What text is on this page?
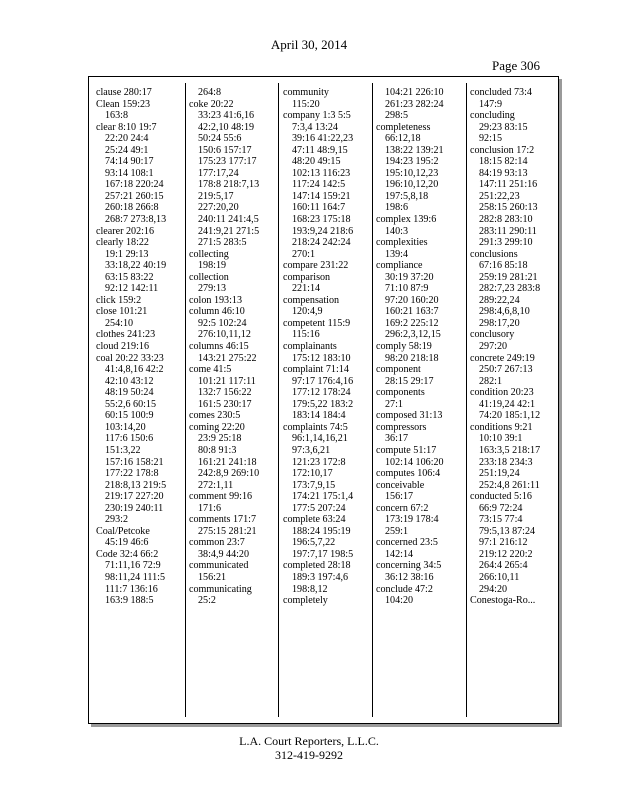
April 30, 2014
Page 306
clause 280:17
Clean 159:23
163:8
clear 8:10 19:7
22:20 24:4
25:24 49:1
74:14 90:17
93:14 108:1
167:18 220:24
257:21 260:15
260:18 266:8
268:7 273:8,13
clearer 202:16
clearly 18:22
19:1 29:13
33:18,22 40:19
63:15 83:22
92:12 142:11
click 159:2
close 101:21
254:10
clothes 241:23
cloud 219:16
coal 20:22 33:23
41:4,8,16 42:2
42:10 43:12
48:19 50:24
55:2,6 60:15
60:15 100:9
103:14,20
117:6 150:6
151:3,22
157:16 158:21
177:22 178:8
218:8,13 219:5
219:17 227:20
230:19 240:11
293:2
Coal/Petcoke
45:19 46:6
Code 32:4 66:2
71:11,16 72:9
98:11,24 111:5
111:7 136:16
163:9 188:5
264:8
coke 20:22
33:23 41:6,16
42:2,10 48:19
50:24 55:6
150:6 157:17
175:23 177:17
177:17,24
178:8 218:7,13
219:5,17
227:20,20
240:11 241:4,5
241:9,21 271:5
271:5 283:5
collecting
198:19
collection
279:13
colon 193:13
column 46:10
92:5 102:24
276:10,11,12
columns 46:15
143:21 275:22
come 41:5
101:21 117:11
132:7 156:22
161:5 230:17
comes 230:5
coming 22:20
23:9 25:18
80:8 91:3
161:21 241:18
242:8,9 269:10
272:1,11
comment 99:16
171:6
comments 171:7
275:15 281:21
common 23:7
38:4,9 44:20
communicated
156:21
communicating
25:2
community
115:20
company 1:3 5:5
7:3,4 13:24
39:16 41:22,23
47:11 48:9,15
48:20 49:15
102:13 116:23
117:24 142:5
147:14 159:21
160:11 164:7
168:23 175:18
193:9,24 218:6
218:24 242:24
270:1
compare 231:22
comparison
221:14
compensation
120:4,9
competent 115:9
115:16
complainants
175:12 183:10
complaint 71:14
97:17 176:4,16
177:12 178:24
179:5,22 183:2
183:14 184:4
complaints 74:5
96:1,14,16,21
97:3,6,21
121:23 172:8
172:10,17
173:7,9,15
174:21 175:1,4
177:5 207:24
complete 63:24
188:24 195:19
196:5,7,22
197:7,17 198:5
completed 28:18
189:3 197:4,6
198:8,12
completely
104:21 226:10
261:23 282:24
298:5
completeness
66:12,18
138:22 139:21
194:23 195:2
195:10,12,23
196:10,12,20
197:5,8,18
198:6
complex 139:6
140:3
complexities
139:4
compliance
30:19 37:20
71:10 87:9
97:20 160:20
160:21 163:7
169:2 225:12
296:2,3,12,15
comply 58:19
98:20 218:18
component
28:15 29:17
components
27:1
composed 31:13
compressors
36:17
compute 51:17
102:14 106:20
computes 106:4
conceivable
156:17
concern 67:2
173:19 178:4
259:1
concerned 23:5
142:14
concerning 34:5
36:12 38:16
conclude 47:2
104:20
concluded 73:4
147:9
concluding
29:23 83:15
92:15
conclusion 17:2
18:15 82:14
84:19 93:13
147:11 251:16
251:22,23
258:15 260:13
282:8 283:10
283:11 290:11
291:3 299:10
conclusions
67:16 85:18
259:19 281:21
282:7,23 283:8
289:22,24
298:4,6,8,10
298:17,20
conclusory
297:20
concrete 249:19
250:7 267:13
282:1
condition 20:23
41:19,24 42:1
74:20 185:1,12
conditions 9:21
10:10 39:1
163:3,5 218:17
233:18 234:3
251:19,24
252:4,8 261:11
conducted 5:16
66:9 72:24
73:15 77:4
79:5,13 87:24
97:1 216:12
219:12 220:2
264:4 265:4
266:10,11
294:20
Conestoga-Ro...
L.A. Court Reporters, L.L.C.
312-419-9292
